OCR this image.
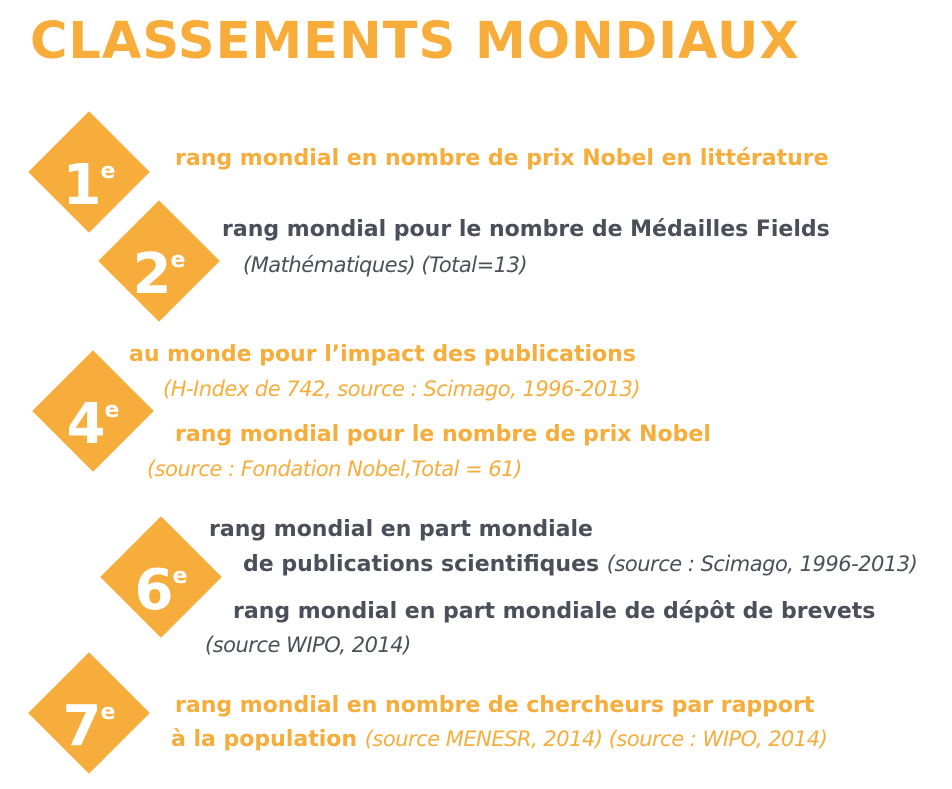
CLASSEMENTS MONDIAUX
1e

rang mondial en nombre de prix Nobel en littérature

2e

rang mondial pour le nombre de Médailles Fields

(Mathématiques) (Total=13)

4e

au monde pour l’impact des publications

(H-Index de 742, source : Scimago, 1996-2013)

rang mondial pour le nombre de prix Nobel

(source : Fondation Nobel,Total = 61)

6e

rang mondial en part mondiale

de publications scientifiques (source : Scimago, 1996-2013)

rang mondial en part mondiale de dépôt de brevets

(source WIPO, 2014)

7e	rang mondial en nombre de chercheurs par rapport

à la population (source MENESR, 2014) (source : WIPO, 2014)
